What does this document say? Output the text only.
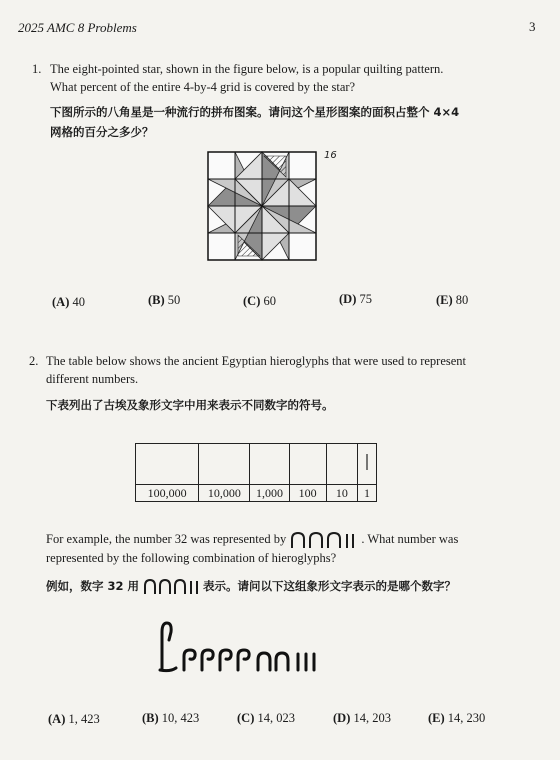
2025 AMC 8 Problems	3
1. The eight-pointed star, shown in the figure below, is a popular quilting pattern.
What percent of the entire 4-by-4 grid is covered by the star?
下图所示的八角星是一种流行的拼布图案。请问这个星形图案的面积占整个 4×4
网格的百分之多少？
16
(A) 40	(B) 50	(C) 60	(D) 75	(E) 80
2. The table below shows the ancient Egyptian hieroglyphs that were used to represent
different numbers.
下表列出了古埃及象形文字中用来表示不同数字的符号。

100,000	10,000	1,000	100	10	1
For example, the number 32 was represented by	. What number was
represented by the following combination of hieroglyphs?
例如，数字 32 用	表示。请问以下这组象形文字表示的是哪个数字？
(A) 1, 423	(B) 10, 423	(C) 14, 023	(D) 14, 203	(E) 14, 230
